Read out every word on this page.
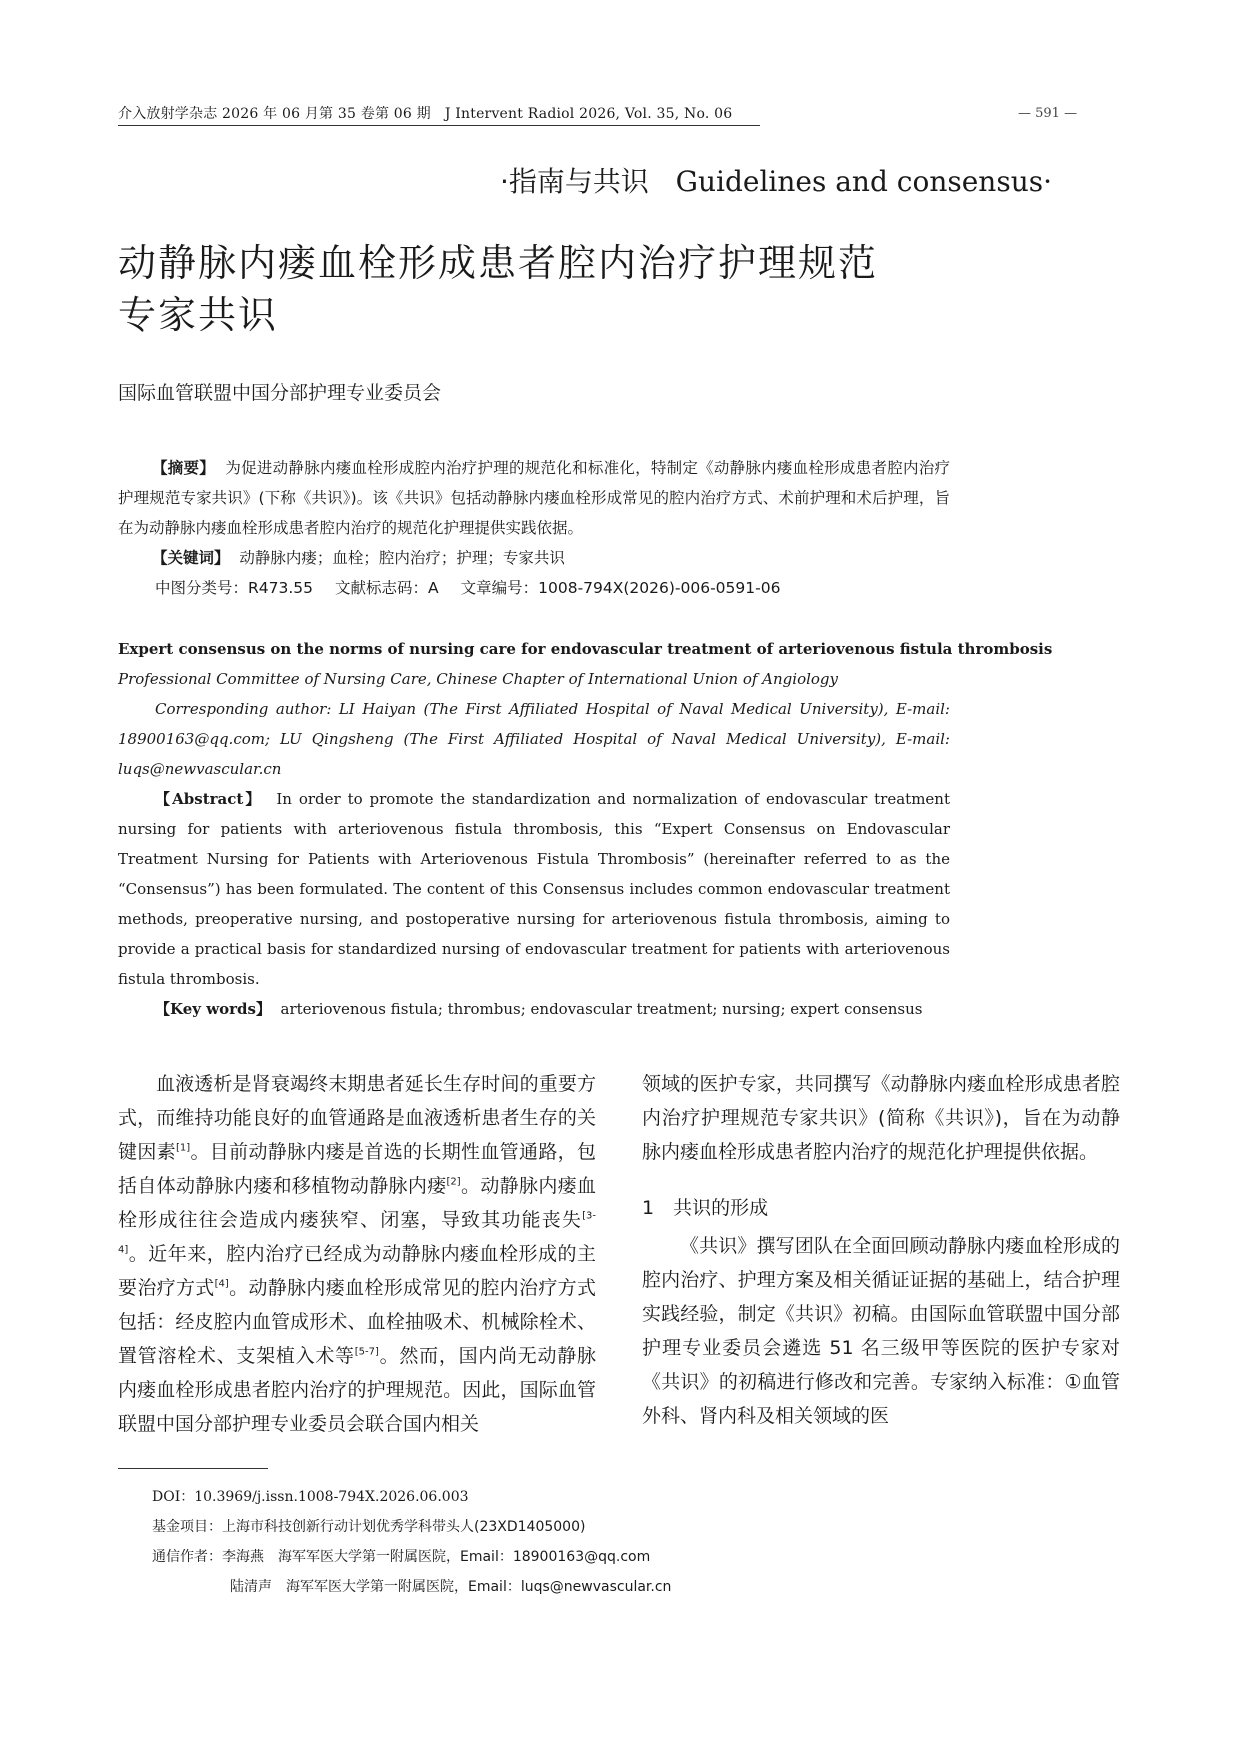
介入放射学杂志 2026 年 06 月第 35 卷第 06 期 J Intervent Radiol 2026, Vol. 35, No. 06	— 591 —
·指南与共识 Guidelines and consensus·
动静脉内瘘血栓形成患者腔内治疗护理规范
专家共识
国际血管联盟中国分部护理专业委员会

【摘要】 为促进动静脉内瘘血栓形成腔内治疗护理的规范化和标准化，特制定《动静脉内瘘血栓形成患者腔内治疗护理规范专家共识》(下称《共识》)。该《共识》包括动静脉内瘘血栓形成常见的腔内治疗方式、术前护理和术后护理，旨在为动静脉内瘘血栓形成患者腔内治疗的规范化护理提供实践依据。

【关键词】 动静脉内瘘；血栓；腔内治疗；护理；专家共识

中图分类号：R473.55 文献标志码：A 文章编号：1008-794X(2026)-006-0591-06

Expert consensus on the norms of nursing care for endovascular treatment of arteriovenous fistula thrombosis

Professional Committee of Nursing Care, Chinese Chapter of International Union of Angiology

Corresponding author: LI Haiyan (The First Affiliated Hospital of Naval Medical University), E-mail: 18900163@qq.com; LU Qingsheng (The First Affiliated Hospital of Naval Medical University), E-mail: luqs@newvascular.cn

【Abstract】 In order to promote the standardization and normalization of endovascular treatment nursing for patients with arteriovenous fistula thrombosis, this “Expert Consensus on Endovascular Treatment Nursing for Patients with Arteriovenous Fistula Thrombosis” (hereinafter referred to as the “Consensus”) has been formulated. The content of this Consensus includes common endovascular treatment methods, preoperative nursing, and postoperative nursing for arteriovenous fistula thrombosis, aiming to provide a practical basis for standardized nursing of endovascular treatment for patients with arteriovenous fistula thrombosis.

【Key words】 arteriovenous fistula; thrombus; endovascular treatment; nursing; expert consensus

血液透析是肾衰竭终末期患者延长生存时间的重要方式，而维持功能良好的血管通路是血液透析患者生存的关键因素[1]。目前动静脉内瘘是首选的长期性血管通路，包括自体动静脉内瘘和移植物动静脉内瘘[2]。动静脉内瘘血栓形成往往会造成内瘘狭窄、闭塞，导致其功能丧失[3-4]。近年来，腔内治疗已经成为动静脉内瘘血栓形成的主要治疗方式[4]。动静脉内瘘血栓形成常见的腔内治疗方式包括：经皮腔内血管成形术、血栓抽吸术、机械除栓术、置管溶栓术、支架植入术等[5-7]。然而，国内尚无动静脉内瘘血栓形成患者腔内治疗的护理规范。因此，国际血管联盟中国分部护理专业委员会联合国内相关

领域的医护专家，共同撰写《动静脉内瘘血栓形成患者腔内治疗护理规范专家共识》(简称《共识》)，旨在为动静脉内瘘血栓形成患者腔内治疗的规范化护理提供依据。

1　共识的形成

《共识》撰写团队在全面回顾动静脉内瘘血栓形成的腔内治疗、护理方案及相关循证证据的基础上，结合护理实践经验，制定《共识》初稿。由国际血管联盟中国分部护理专业委员会遴选 51 名三级甲等医院的医护专家对《共识》的初稿进行修改和完善。专家纳入标准：①血管外科、肾内科及相关领域的医

DOI：10.3969/j.issn.1008-794X.2026.06.003

基金项目：上海市科技创新行动计划优秀学科带头人(23XD1405000)

通信作者：李海燕　海军军医大学第一附属医院，Email：18900163@qq.com

陆清声　海军军医大学第一附属医院，Email：luqs@newvascular.cn
